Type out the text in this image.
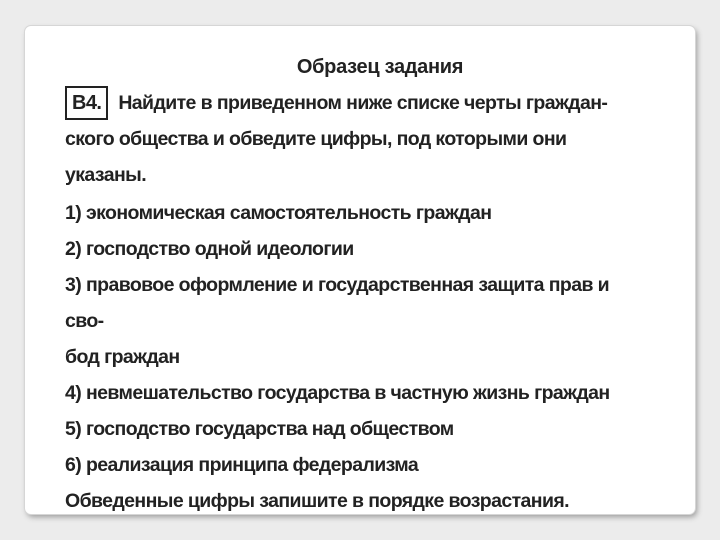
Образец задания

В4. Найдите в приведенном ниже списке черты граждан-
ского общества и обведите цифры, под которыми они указаны.

1) экономическая самостоятельность граждан
2) господство одной идеологии
3) правовое оформление и государственная защита прав и сво-
бод граждан
4) невмешательство государства в частную жизнь граждан
5) господство государства над обществом
6) реализация принципа федерализма

Обведенные цифры запишите в порядке возрастания.
